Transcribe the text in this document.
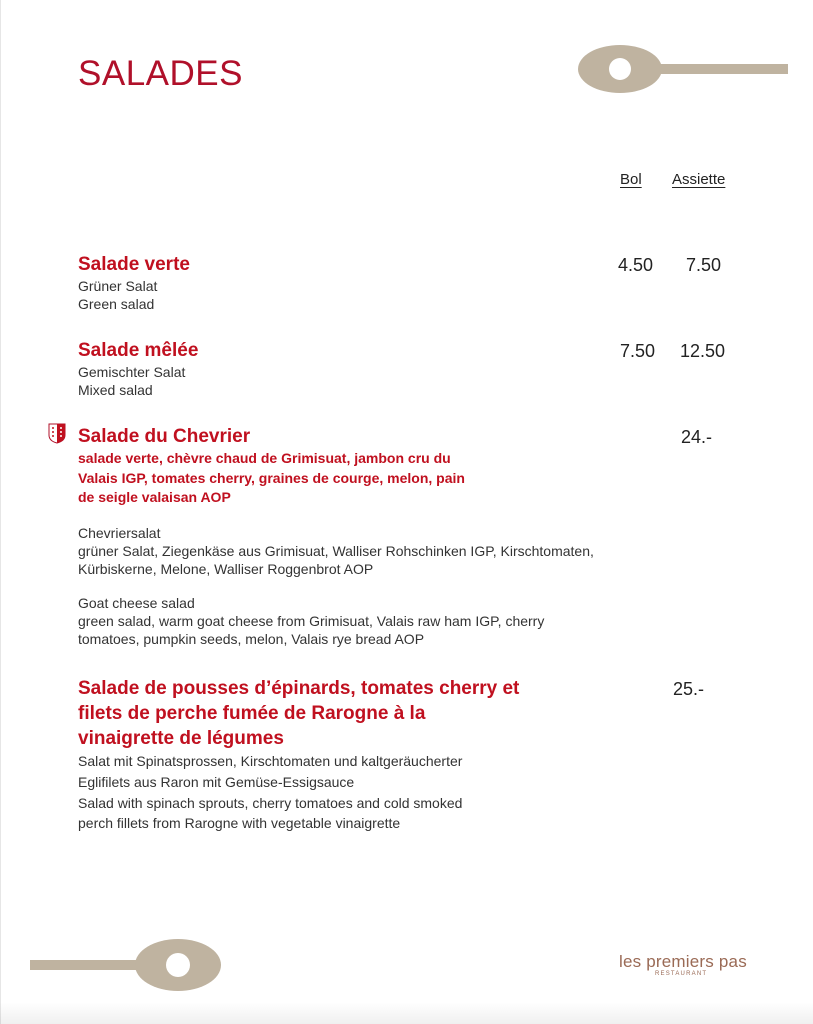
SALADES
Bol Assiette

Salade verte

Grüner Salat

Green salad

4.50 7.50

Salade mêlée

Gemischter Salat

Mixed salad

7.50 12.50

Salade du Chevrier

salade verte, chèvre chaud de Grimisuat, jambon cru du
Valais IGP, tomates cherry, graines de courge, melon, pain
de seigle valaisan AOP

Chevriersalat

grüner Salat, Ziegenkäse aus Grimisuat, Walliser Rohschinken IGP, Kirschtomaten,

Kürbiskerne, Melone, Walliser Roggenbrot AOP

Goat cheese salad

green salad, warm goat cheese from Grimisuat, Valais raw ham IGP, cherry

tomatoes, pumpkin seeds, melon, Valais rye bread AOP

24.-

Salade de pousses d’épinards, tomates cherry et
filets de perche fumée de Rarogne à la
vinaigrette de légumes

Salat mit Spinatsprossen, Kirschtomaten und kaltgeräucherter

Eglifilets aus Raron mit Gemüse-Essigsauce

Salad with spinach sprouts, cherry tomatoes and cold smoked

perch fillets from Rarogne with vegetable vinaigrette

25.-
les premiers pas
RESTAURANT
